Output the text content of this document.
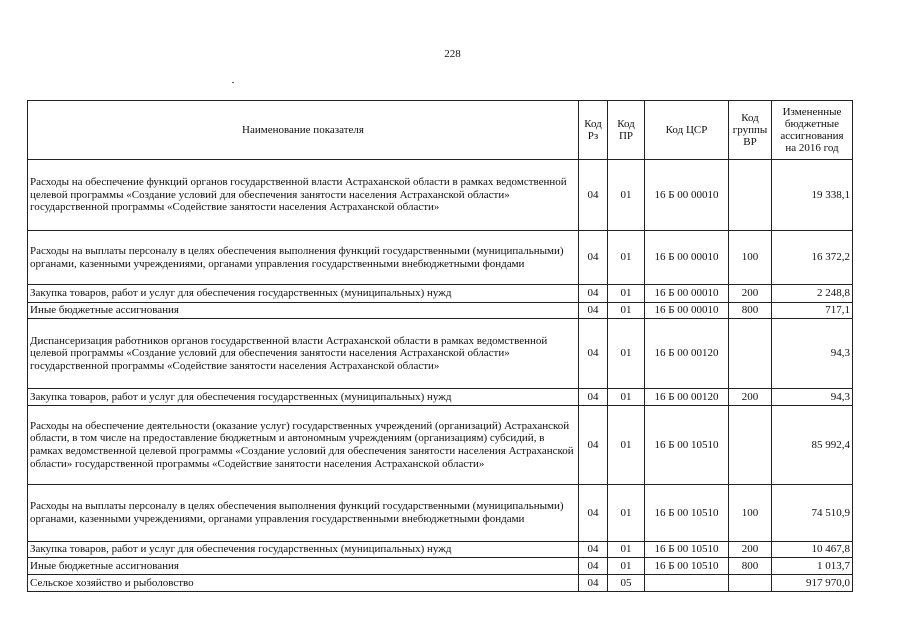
228
Наименование показателя	Код Рз	Код ПР	Код ЦСР	Код группы ВР	Измененные бюджетные ассигнования на 2016 год
Расходы на обеспечение функций органов государственной власти Астраханской области в рамках ведомственной целевой программы «Создание условий для обеспечения занятости населения Астраханской области» государственной программы «Содействие занятости населения Астраханской области»	04	01	16 Б 00 00010		19 338,1
Расходы на выплаты персоналу в целях обеспечения выполнения функций государственными (муниципальными) органами, казенными учреждениями, органами управления государственными внебюджетными фондами	04	01	16 Б 00 00010	100	16 372,2
Закупка товаров, работ и услуг для обеспечения государственных (муниципальных) нужд	04	01	16 Б 00 00010	200	2 248,8
Иные бюджетные ассигнования	04	01	16 Б 00 00010	800	717,1
Диспансеризация работников органов государственной власти Астраханской области в рамках ведомственной целевой программы «Создание условий для обеспечения занятости населения Астраханской области» государственной программы «Содействие занятости населения Астраханской области»	04	01	16 Б 00 00120		94,3
Закупка товаров, работ и услуг для обеспечения государственных (муниципальных) нужд	04	01	16 Б 00 00120	200	94,3
Расходы на обеспечение деятельности (оказание услуг) государственных учреждений (организаций) Астраханской области, в том числе на предоставление бюджетным и автономным учреждениям (организациям) субсидий, в рамках ведомственной целевой программы «Создание условий для обеспечения занятости населения Астраханской области» государственной программы «Содействие занятости населения Астраханской области»	04	01	16 Б 00 10510		85 992,4
Расходы на выплаты персоналу в целях обеспечения выполнения функций государственными (муниципальными) органами, казенными учреждениями, органами управления государственными внебюджетными фондами	04	01	16 Б 00 10510	100	74 510,9
Закупка товаров, работ и услуг для обеспечения государственных (муниципальных) нужд	04	01	16 Б 00 10510	200	10 467,8
Иные бюджетные ассигнования	04	01	16 Б 00 10510	800	1 013,7
Сельское хозяйство и рыболовство	04	05			917 970,0
